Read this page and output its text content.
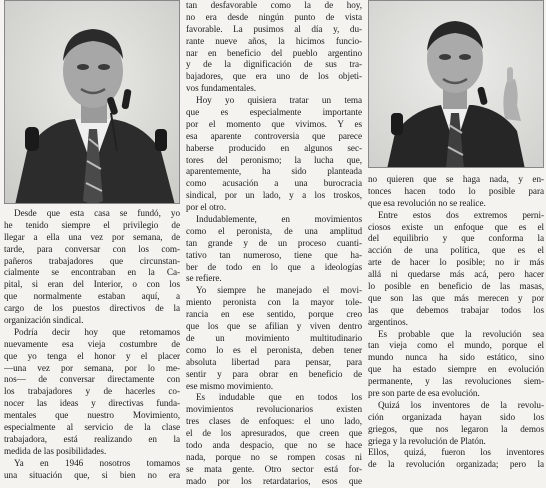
Desde que esta casa se fundó, yo
he tenido siempre el privilegio de
llegar a ella una vez por semana, de
tarde, para conversar con los com-
pañeros trabajadores que circunstan-
cialmente se encontraban en la Ca-
pital, si eran del Interior, o con los
que normalmente estaban aquí, a
cargo de los puestos directivos de la
organización sindical.
Podría decir hoy que retomamos
nuevamente esa vieja costumbre de
que yo tenga el honor y el placer
—una vez por semana, por lo me-
nos— de conversar directamente con
los trabajadores y de hacerles co-
nocer las ideas y directivas funda-
mentales que nuestro Movimiento,
especialmente al servicio de la clase
trabajadora, está realizando en la
medida de las posibilidades.
Ya en 1946 nosotros tomamos
una situación que, si bien no era
tan desfavorable como la de hoy,
no era desde ningún punto de vista
favorable. La pusimos al día y, du-
rante nueve años, la hicimos funcio-
nar en beneficio del pueblo argentino
y de la dignificación de sus tra-
bajadores, que era uno de los objeti-
vos fundamentales.
Hoy yo quisiera tratar un tema
que es especialmente importante
por el momento que vivimos. Y es
esa aparente controversia que parece
haberse producido en algunos sec-
tores del peronismo; la lucha que,
aparentemente, ha sido planteada
como acusación a una burocracia
sindical, por un lado, y a los troskos,
por el otro.
Indudablemente, en movimientos
como el peronista, de una amplitud
tan grande y de un proceso cuanti-
tativo tan numeroso, tiene que ha-
ber de todo en lo que a ideologías
se refiere.
Yo siempre he manejado el movi-
miento peronista con la mayor tole-
rancia en ese sentido, porque creo
que los que se afilian y viven dentro
de un movimiento multitudinario
como lo es el peronista, deben tener
absoluta libertad para pensar, para
sentir y para obrar en beneficio de
ese mismo movimiento.
Es indudable que en todos los
movimientos revolucionarios existen
tres clases de enfoques: el uno lado,
el de los apresurados, que creen que
todo anda despacio, que no se hace
nada, porque no se rompen cosas ni
se mata gente. Otro sector está for-
mado por los retardatarios, esos que
no quieren que se haga nada, y en-
tonces hacen todo lo posible para
que esa revolución no se realice.
Entre estos dos extremos perni-
ciosos existe un enfoque que es el
del equilibrio y que conforma la
acción de una política, que es el
arte de hacer lo posible; no ir más
allá ni quedarse más acá, pero hacer
lo posible en beneficio de las masas,
que son las que más merecen y por
las que debemos trabajar todos los
argentinos.
Es probable que la revolución sea
tan vieja como el mundo, porque el
mundo nunca ha sido estático, sino
que ha estado siempre en evolución
permanente, y las revoluciones siem-
pre son parte de esa evolución.
Quizá los inventores de la revolu-
ción organizada hayan sido los
griegos, que nos legaron la demos
griega y la revolución de Platón.
Ellos, quizá, fueron los inventores
de la revolución organizada; pero la
